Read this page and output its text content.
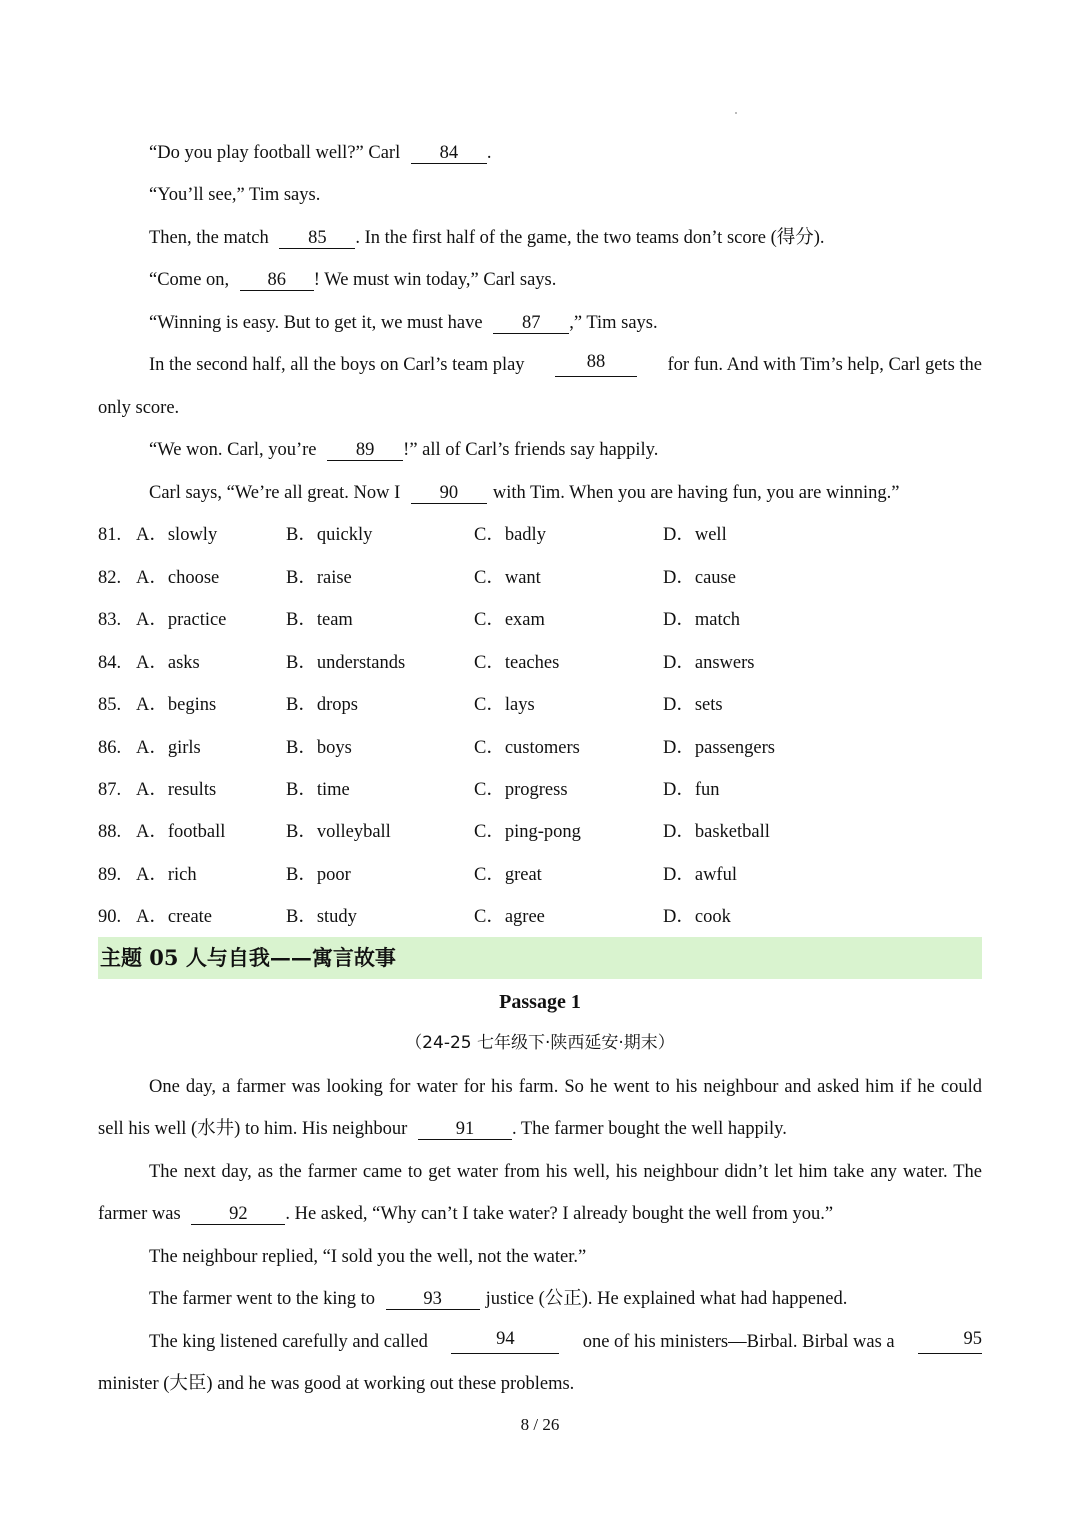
“Do you play football well?” Carl 84 .
“You’ll see,” Tim says.
Then, the match 85 . In the first half of the game, the two teams don’t score (得分).
“Come on, 86 ! We must win today,” Carl says.
“Winning is easy. But to get it, we must have 87 ,” Tim says.
In the second half, all the boys on Carl’s team play	88	for fun. And with Tim’s help, Carl gets the
only score.
“We won. Carl, you’re 89 !” all of Carl’s friends say happily.
Carl says, “We’re all great. Now I 90 with Tim. When you are having fun, you are winning.”
81. A．slowly	B．quickly	C．badly	D．well
82. A．choose	B．raise	C．want	D．cause
83. A．practice	B．team	C．exam	D．match
84. A．asks	B．understands	C．teaches	D．answers
85. A．begins	B．drops	C．lays	D．sets
86. A．girls	B．boys	C．customers	D．passengers
87. A．results	B．time	C．progress	D．fun
88. A．football	B．volleyball	C．ping-pong	D．basketball
89. A．rich	B．poor	C．great	D．awful
90. A．create	B．study	C．agree	D．cook
主题 05 人与自我——寓言故事
Passage 1
（24-25 七年级下·陕西延安·期末）
One day, a farmer was looking for water for his farm. So he went to his neighbour and asked him if he could
sell his well (水井) to him. His neighbour	91 . The farmer bought the well happily.
The next day, as the farmer came to get water from his well, his neighbour didn’t let him take any water. The
farmer was	92 . He asked, “Why can’t I take water? I already bought the well from you.”
The neighbour replied, “I sold you the well, not the water.”
The farmer went to the king to	93 justice (公正). He explained what had happened.
The king listened carefully and called	94	one of his ministers—Birbal. Birbal was a	95
minister (大臣) and he was good at working out these problems.
8 / 26
